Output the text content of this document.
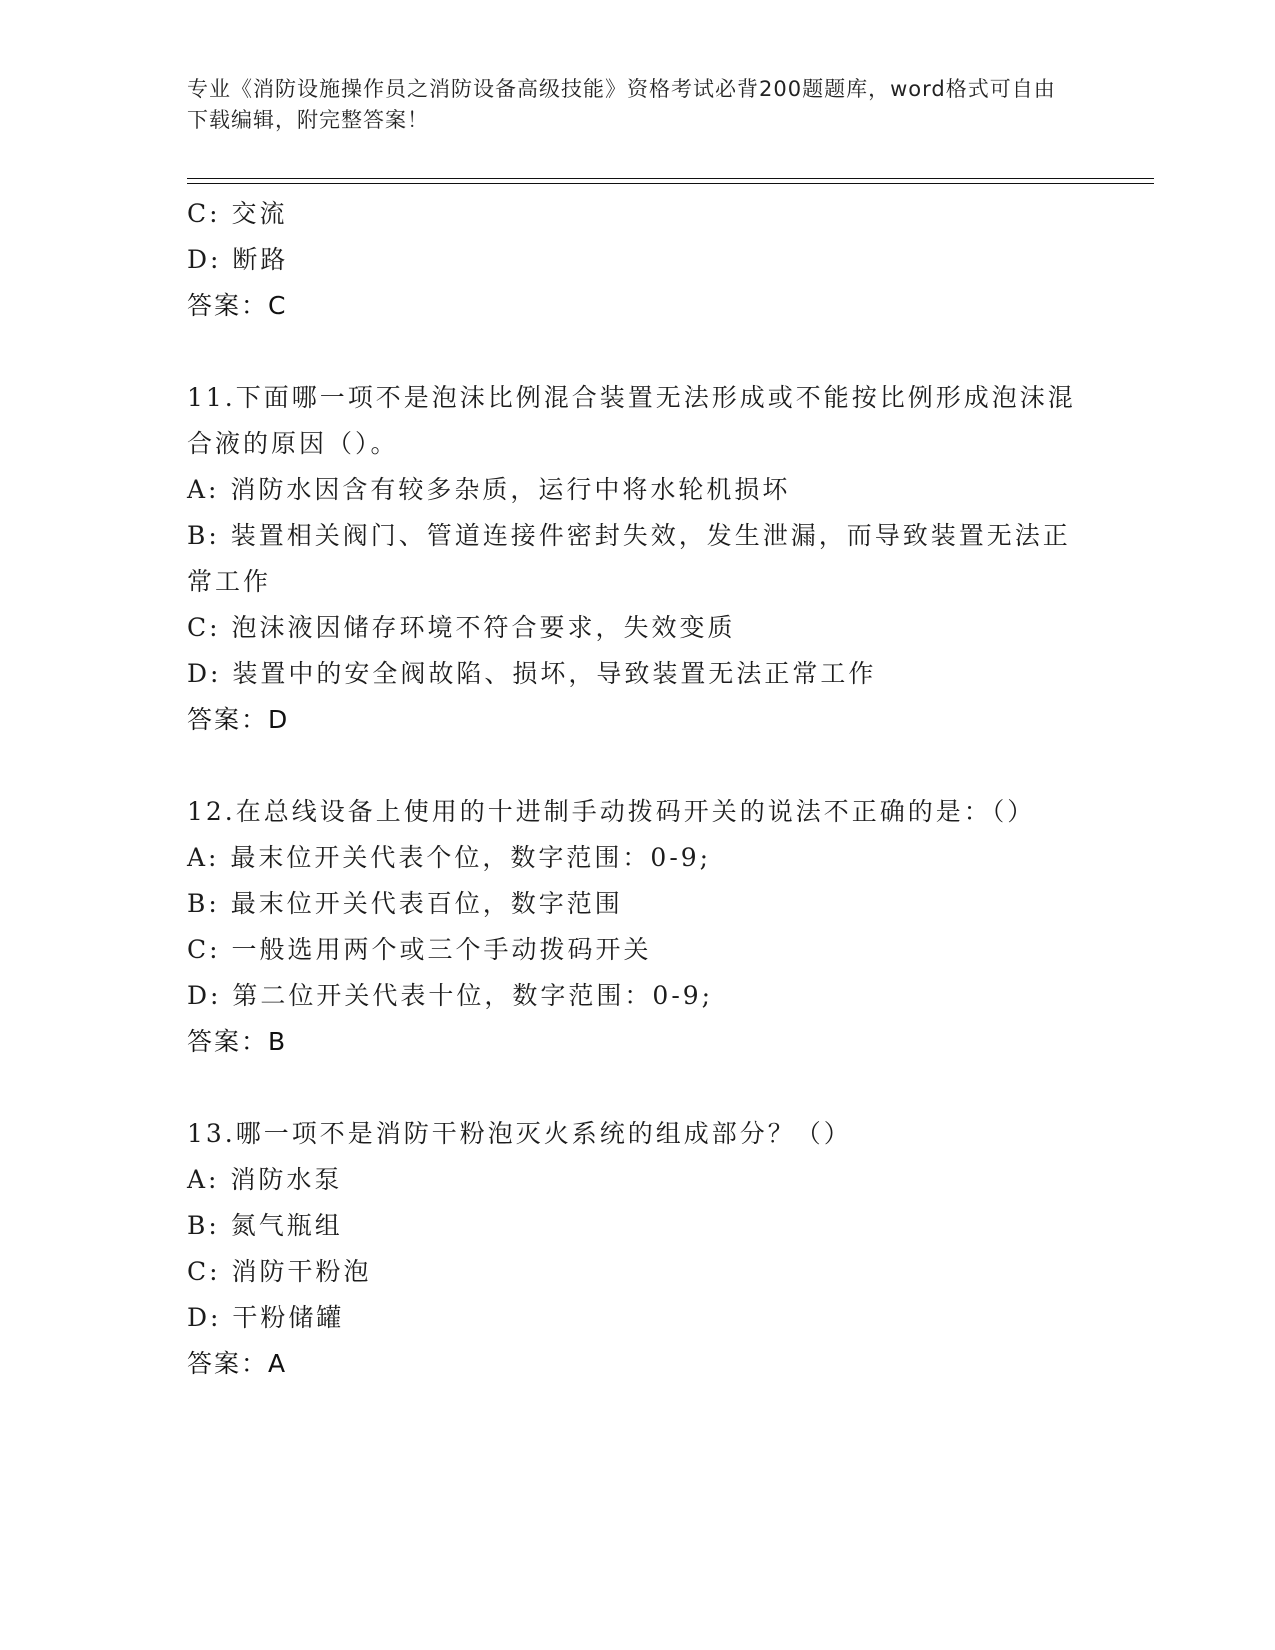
专业《消防设施操作员之消防设备高级技能》资格考试必背200题题库，word格式可自由下载编辑，附完整答案！
C: 交流
D: 断路
答案：C
11.下面哪一项不是泡沫比例混合装置无法形成或不能按比例形成泡沫混合液的原因（）。
A: 消防水因含有较多杂质，运行中将水轮机损坏
B: 装置相关阀门、管道连接件密封失效，发生泄漏，而导致装置无法正常工作
C: 泡沫液因储存环境不符合要求，失效变质
D: 装置中的安全阀故陷、损坏，导致装置无法正常工作
答案：D
12.在总线设备上使用的十进制手动拨码开关的说法不正确的是：（）
A: 最末位开关代表个位，数字范围：0-9;
B: 最末位开关代表百位，数字范围
C: 一般选用两个或三个手动拨码开关
D: 第二位开关代表十位，数字范围：0-9;
答案：B
13.哪一项不是消防干粉泡灭火系统的组成部分？（）
A: 消防水泵
B: 氮气瓶组
C: 消防干粉泡
D: 干粉储罐
答案：A
